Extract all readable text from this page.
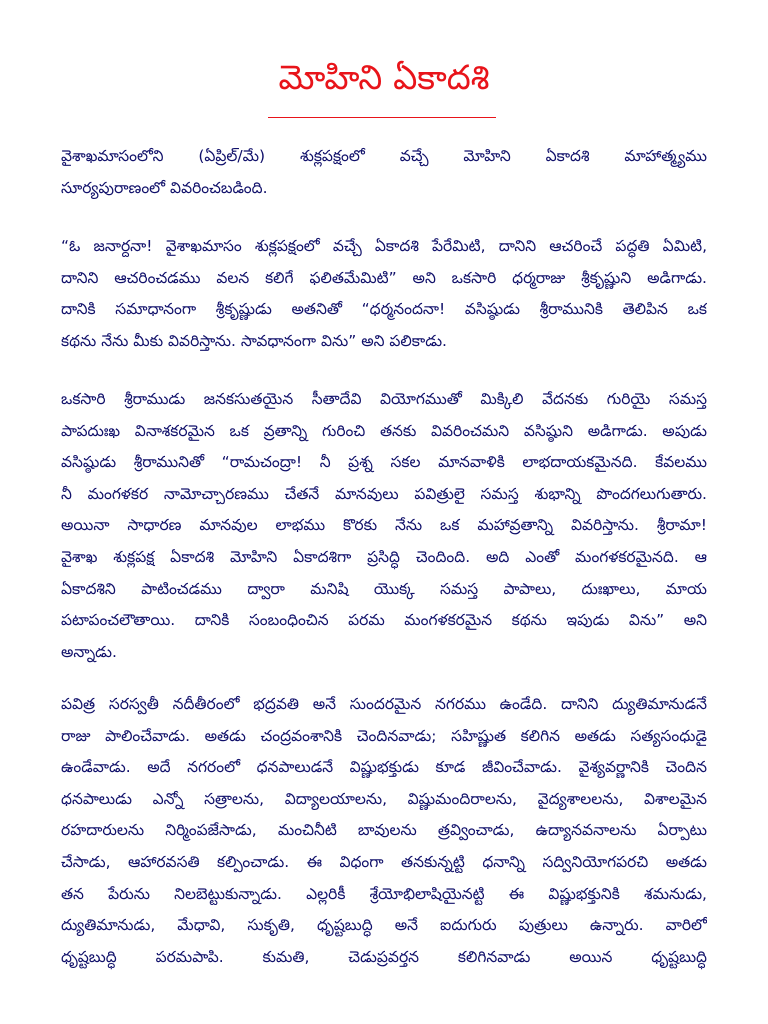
మోహిని ఏకాదశి
వైశాఖమాసంలోని (ఏప్రిల్/మే) శుక్లపక్షంలో వచ్చే మోహిని ఏకాదశి మాహాత్మ్యము
సూర్యపురాణంలో వివరించబడింది.
“ఓ జనార్దనా! వైశాఖమాసం శుక్లపక్షంలో వచ్చే ఏకాదశి పేరేమిటి, దానిని ఆచరించే పద్ధతి ఏమిటి,
దానిని ఆచరించడము వలన కలిగే ఫలితమేమిటి” అని ఒకసారి ధర్మరాజు శ్రీకృష్ణుని అడిగాడు.
దానికి సమాధానంగా శ్రీకృష్ణుడు అతనితో “ధర్మనందనా! వసిష్ఠుడు శ్రీరామునికి తెలిపిన ఒక
కథను నేను మీకు వివరిస్తాను. సావధానంగా విను” అని పలికాడు.
ఒకసారి శ్రీరాముడు జనకసుతయైన సీతాదేవి వియోగముతో మిక్కిలి వేదనకు గురియై సమస్త
పాపదుఃఖ వినాశకరమైన ఒక వ్రతాన్ని గురించి తనకు వివరించమని వసిష్ఠుని అడిగాడు. అపుడు
వసిష్ఠుడు శ్రీరామునితో “రామచంద్రా! నీ ప్రశ్న సకల మానవాళికి లాభదాయకమైనది. కేవలము
నీ మంగళకర నామోచ్చారణము చేతనే మానవులు పవిత్రులై సమస్త శుభాన్ని పొందగలుగుతారు.
అయినా సాధారణ మానవుల లాభము కొరకు నేను ఒక మహావ్రతాన్ని వివరిస్తాను. శ్రీరామా!
వైశాఖ శుక్లపక్ష ఏకాదశి మోహిని ఏకాదశిగా ప్రసిద్ధి చెందింది. అది ఎంతో మంగళకరమైనది. ఆ
ఏకాదశిని పాటించడము ద్వారా మనిషి యొక్క సమస్త పాపాలు, దుఃఖాలు, మాయ
పటాపంచలౌతాయి. దానికి సంబంధించిన పరమ మంగళకరమైన కథను ఇపుడు విను” అని
అన్నాడు.
పవిత్ర సరస్వతీ నదీతీరంలో భద్రవతి అనే సుందరమైన నగరము ఉండేది. దానిని ద్యుతిమానుడనే
రాజు పాలించేవాడు. అతడు చంద్రవంశానికి చెందినవాడు; సహిష్ణుత కలిగిన అతడు సత్యసంధుడై
ఉండేవాడు. అదే నగరంలో ధనపాలుడనే విష్ణుభక్తుడు కూడ జీవించేవాడు. వైశ్యవర్ణానికి చెందిన
ధనపాలుడు ఎన్నో సత్రాలను, విద్యాలయాలను, విష్ణుమందిరాలను, వైద్యశాలలను, విశాలమైన
రహదారులను నిర్మింపజేసాడు, మంచినీటి బావులను త్రవ్వించాడు, ఉద్యానవనాలను ఏర్పాటు
చేసాడు, ఆహారవసతి కల్పించాడు. ఈ విధంగా తనకున్నట్టి ధనాన్ని సద్వినియోగపరచి అతడు
తన పేరును నిలబెట్టుకున్నాడు. ఎల్లరికీ శ్రేయోభిలాషియైనట్టి ఈ విష్ణుభక్తునికి శమనుడు,
ద్యుతిమానుడు, మేధావి, సుకృతి, ధృష్టబుద్ధి అనే ఐదుగురు పుత్రులు ఉన్నారు. వారిలో
ధృష్టబుద్ధి పరమపాపి. కుమతి, చెడుప్రవర్తన కలిగినవాడు అయిన ధృష్టబుద్ధి
